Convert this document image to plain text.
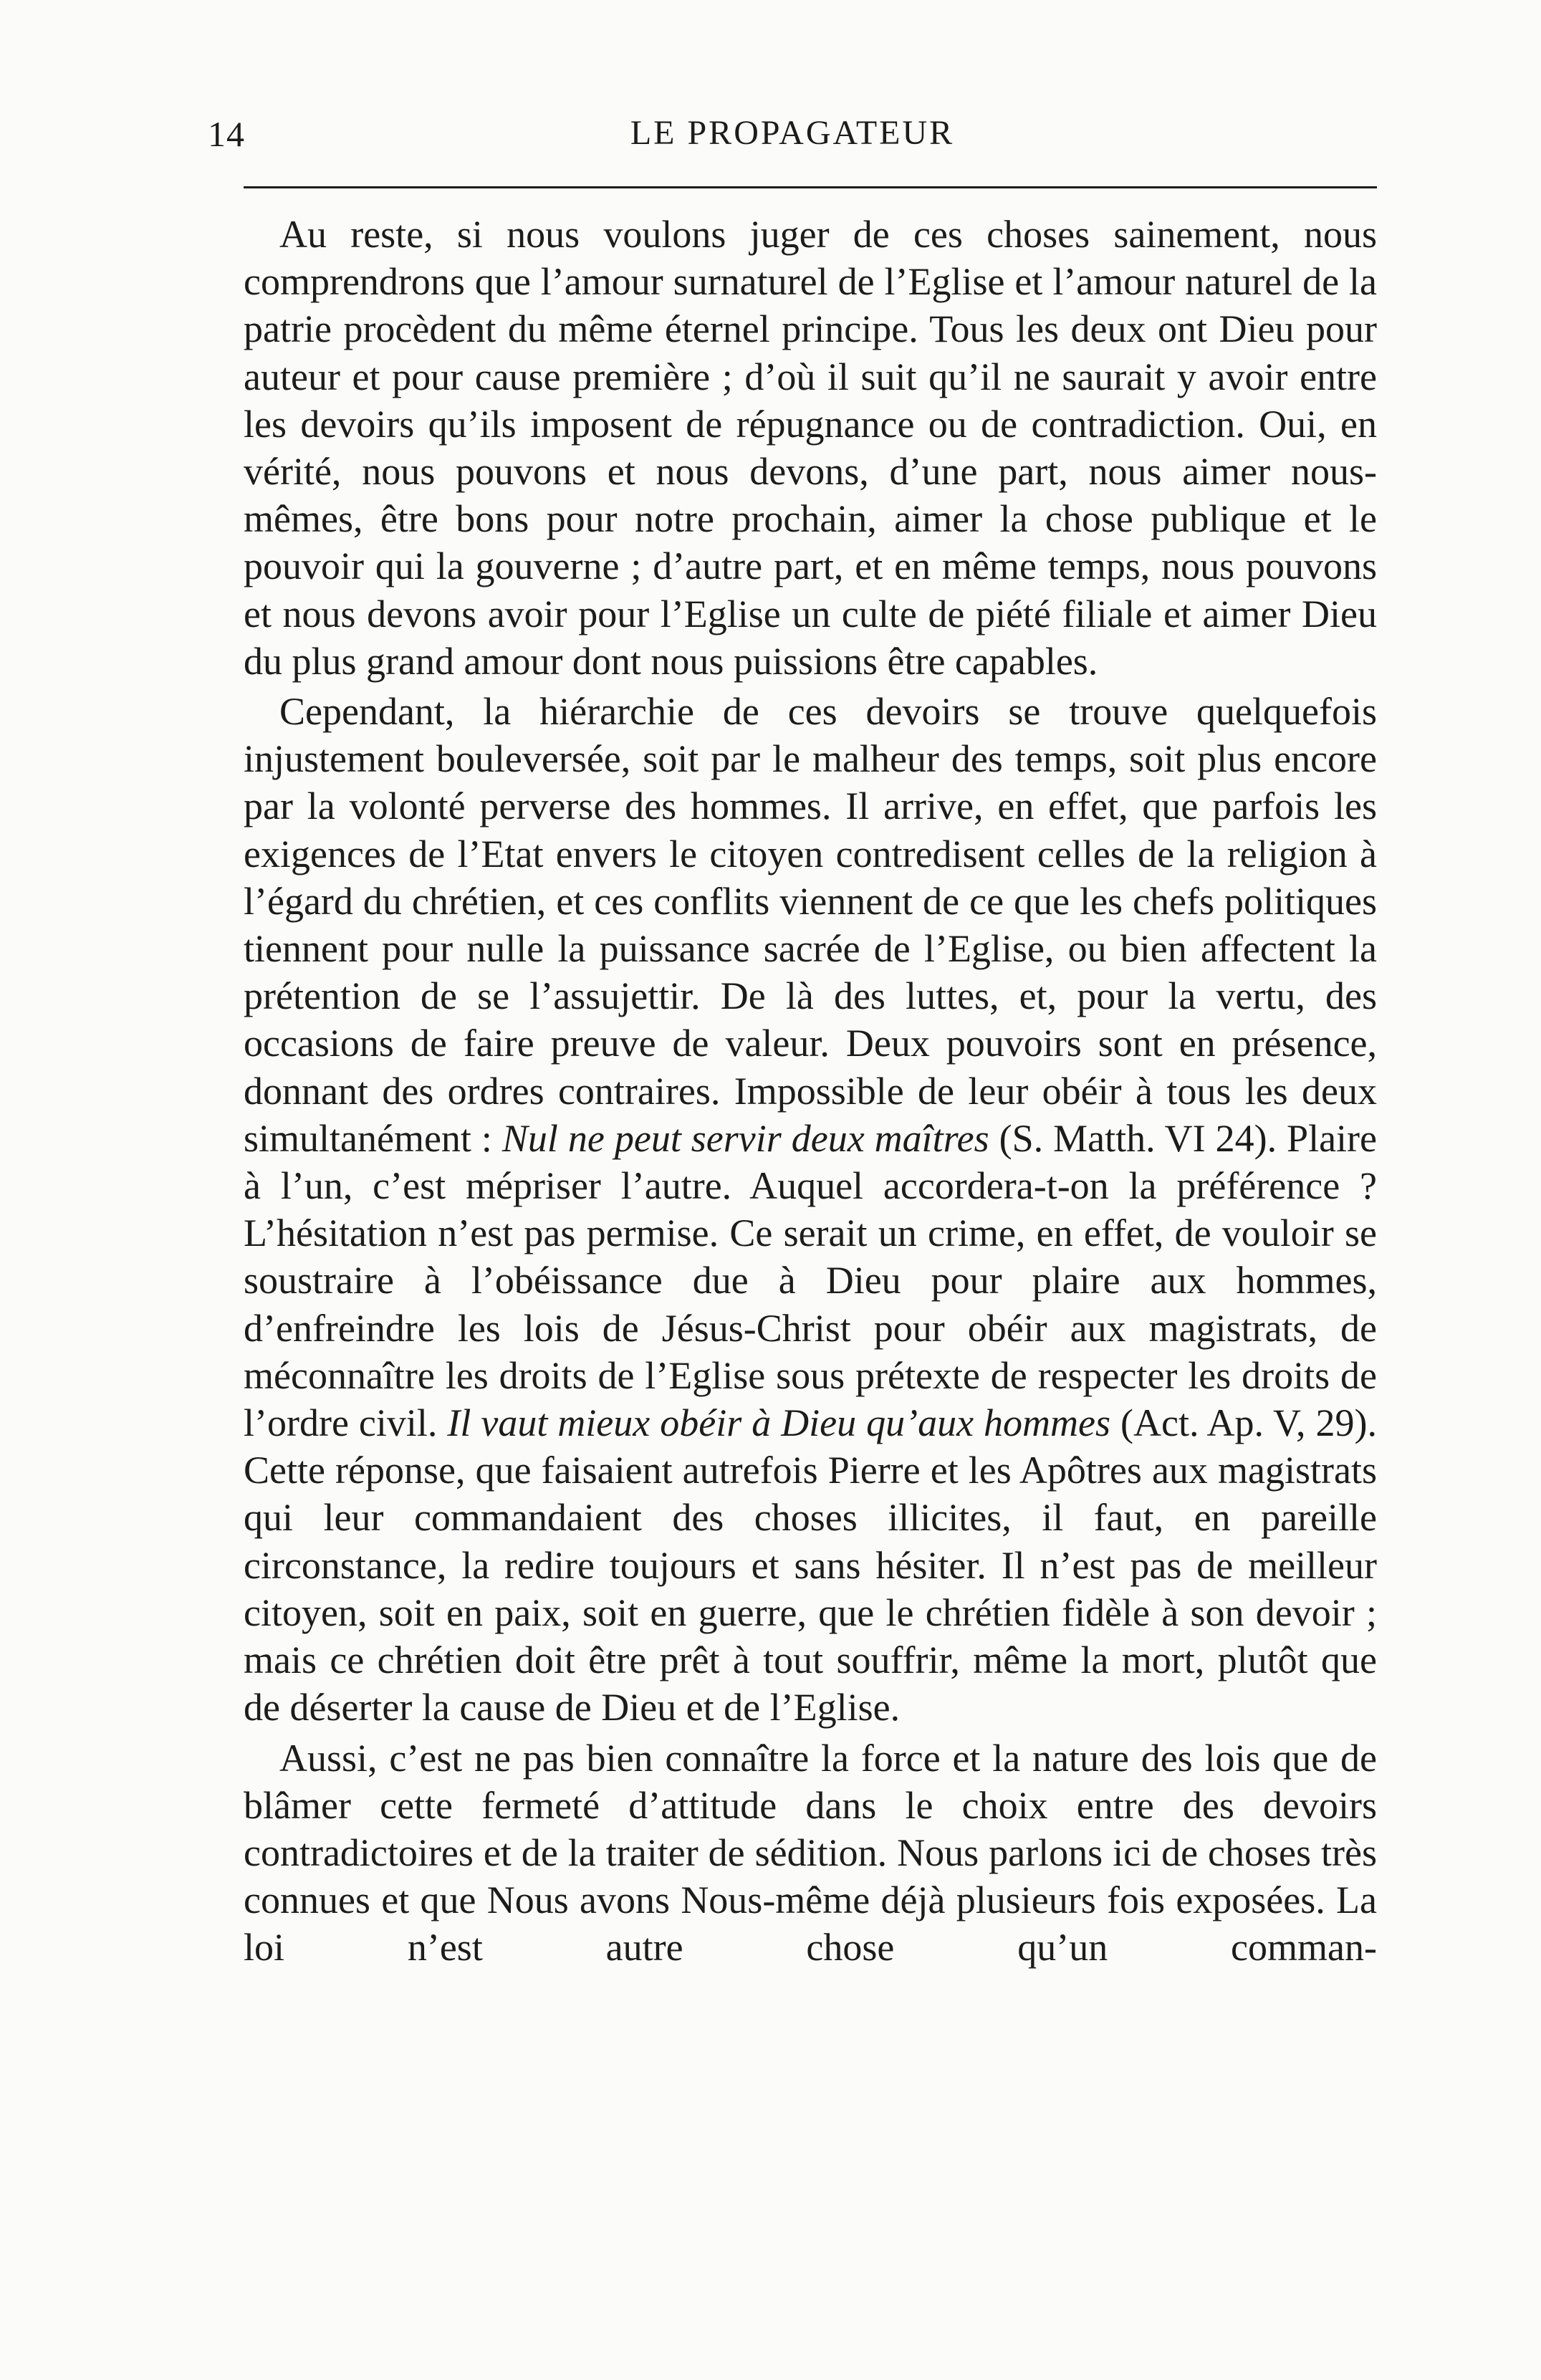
14	LE PROPAGATEUR

Au reste, si nous voulons juger de ces choses sainement, nous comprendrons que l’amour surnaturel de l’Eglise et l’amour naturel de la patrie procèdent du même éternel principe. Tous les deux ont Dieu pour auteur et pour cause première ; d’où il suit qu’il ne saurait y avoir entre les devoirs qu’ils imposent de répugnance ou de contradiction. Oui, en vérité, nous pouvons et nous devons, d’une part, nous aimer nous-mêmes, être bons pour notre prochain, aimer la chose publique et le pouvoir qui la gouverne ; d’autre part, et en même temps, nous pouvons et nous devons avoir pour l’Eglise un culte de piété filiale et aimer Dieu du plus grand amour dont nous puissions être capables.

Cependant, la hiérarchie de ces devoirs se trouve quelquefois injustement bouleversée, soit par le malheur des temps, soit plus encore par la volonté perverse des hommes. Il arrive, en effet, que parfois les exigences de l’Etat envers le citoyen contredisent celles de la religion à l’égard du chrétien, et ces conflits viennent de ce que les chefs politiques tiennent pour nulle la puissance sacrée de l’Eglise, ou bien affectent la prétention de se l’assujettir. De là des luttes, et, pour la vertu, des occasions de faire preuve de valeur. Deux pouvoirs sont en présence, donnant des ordres contraires. Impossible de leur obéir à tous les deux simultanément : Nul ne peut servir deux maîtres (S. Matth. VI 24). Plaire à l’un, c’est mépriser l’autre. Auquel accordera-t-on la préférence ? L’hésitation n’est pas permise. Ce serait un crime, en effet, de vouloir se soustraire à l’obéissance due à Dieu pour plaire aux hommes, d’enfreindre les lois de Jésus-Christ pour obéir aux magistrats, de méconnaître les droits de l’Eglise sous prétexte de respecter les droits de l’ordre civil. Il vaut mieux obéir à Dieu qu’aux hommes (Act. Ap. V, 29). Cette réponse, que faisaient autrefois Pierre et les Apôtres aux magistrats qui leur commandaient des choses illicites, il faut, en pareille circonstance, la redire toujours et sans hésiter. Il n’est pas de meilleur citoyen, soit en paix, soit en guerre, que le chrétien fidèle à son devoir ; mais ce chrétien doit être prêt à tout souffrir, même la mort, plutôt que de déserter la cause de Dieu et de l’Eglise.

Aussi, c’est ne pas bien connaître la force et la nature des lois que de blâmer cette fermeté d’attitude dans le choix entre des devoirs contradictoires et de la traiter de sédition. Nous parlons ici de choses très connues et que Nous avons Nous-même déjà plusieurs fois exposées. La loi n’est autre chose qu’un comman-
